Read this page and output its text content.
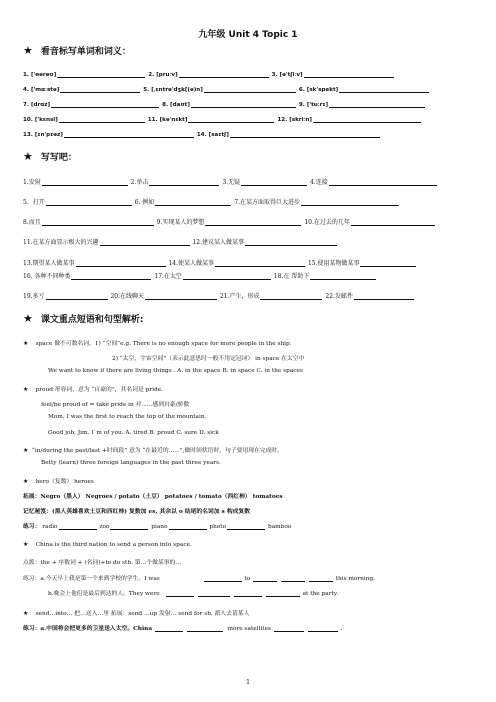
九年级 Unit 4 Topic 1
★ 看音标写单词和词义：
1. ['ɵərəʊ]	2. [pruːv]	3. [ə'tʃiːv]
4. ['mɑːstə]	5. [ˌɛntrə'dʒk[(ə)n]	6. [sk'spekt]
7. [drɑz]	8. [daʊt]	9. ['tuːrɪ]
10. ['kɛnsl]	11. [kə'nɛkt]	12. [skriːn]
13. [ɪn'pɪəz]	14. [saɪtʃ]
★ 写写吧：
1.发射	2.单击	3.无疑	4.连接
5．打开	6. 例如	7.在某方面取得巨大进步
8.而且	9.实现某人的梦想	10.在过去的几年
11.在某方面显示极大的兴趣	12.建议某人做某事
13.期望某人做某事	14.使某人做某事	15.使用某物做某事
16. 各种不同种类	17.在太空	18.在 帮助下
19.多亏	20.在线聊天	21.产生，形成	22.发邮件
★ 课文重点短语和句型解析:
★ space 做不可数名词，1) “空间”e.g. There is no enough space for more people in the ship.
2) “太空，宇宙空间”（表示此意思时一般不用定冠词） in space 在太空中
We want to know if there are living things . A. in the space B. in space C. in the spaces
★ proud 形容词，意为 “自豪的”，其名词是 pride.
feel/be proud of = take pride in 对......感到自豪/骄傲
Mom, I was the first to reach the top of the mountain.
Good job, Jim. I`m of you. A. tired B. proud C. sure D. sick
★ “in/during the past/last +时间段” 意为 “在最近的......”,做时间状语时，句子要用现在完成时。
Betty (learn) three foreign languages in the past three years.
★ hero（复数） heroes
拓展：Negro（黑人） Negroes / potato（土豆） potatoes / tomato（西红柿） tomatoes
记忆秘笈：(黑人英雄喜欢土豆和西红柿) 复数加 es, 其余以 o 结尾的名词加 s 构成复数
练习： radio	zoo	piano	photo	bamboo
★ China is the third nation to send a person into space.
点拨：the + 序数词 + (名词)+to do sth. 第…个做某事的…
练习：a.今天早上我是第一个来到学校的学生。I was	to	this morning.
b.晚会上他们是最后到达的人。They were	at the party.
★ send…into… 把…送入…里 拓展：send …up 发射… send for sb. 派人去请某人
练习：a.中国将会把更多的卫星送入太空。China	more satellites	.
1
